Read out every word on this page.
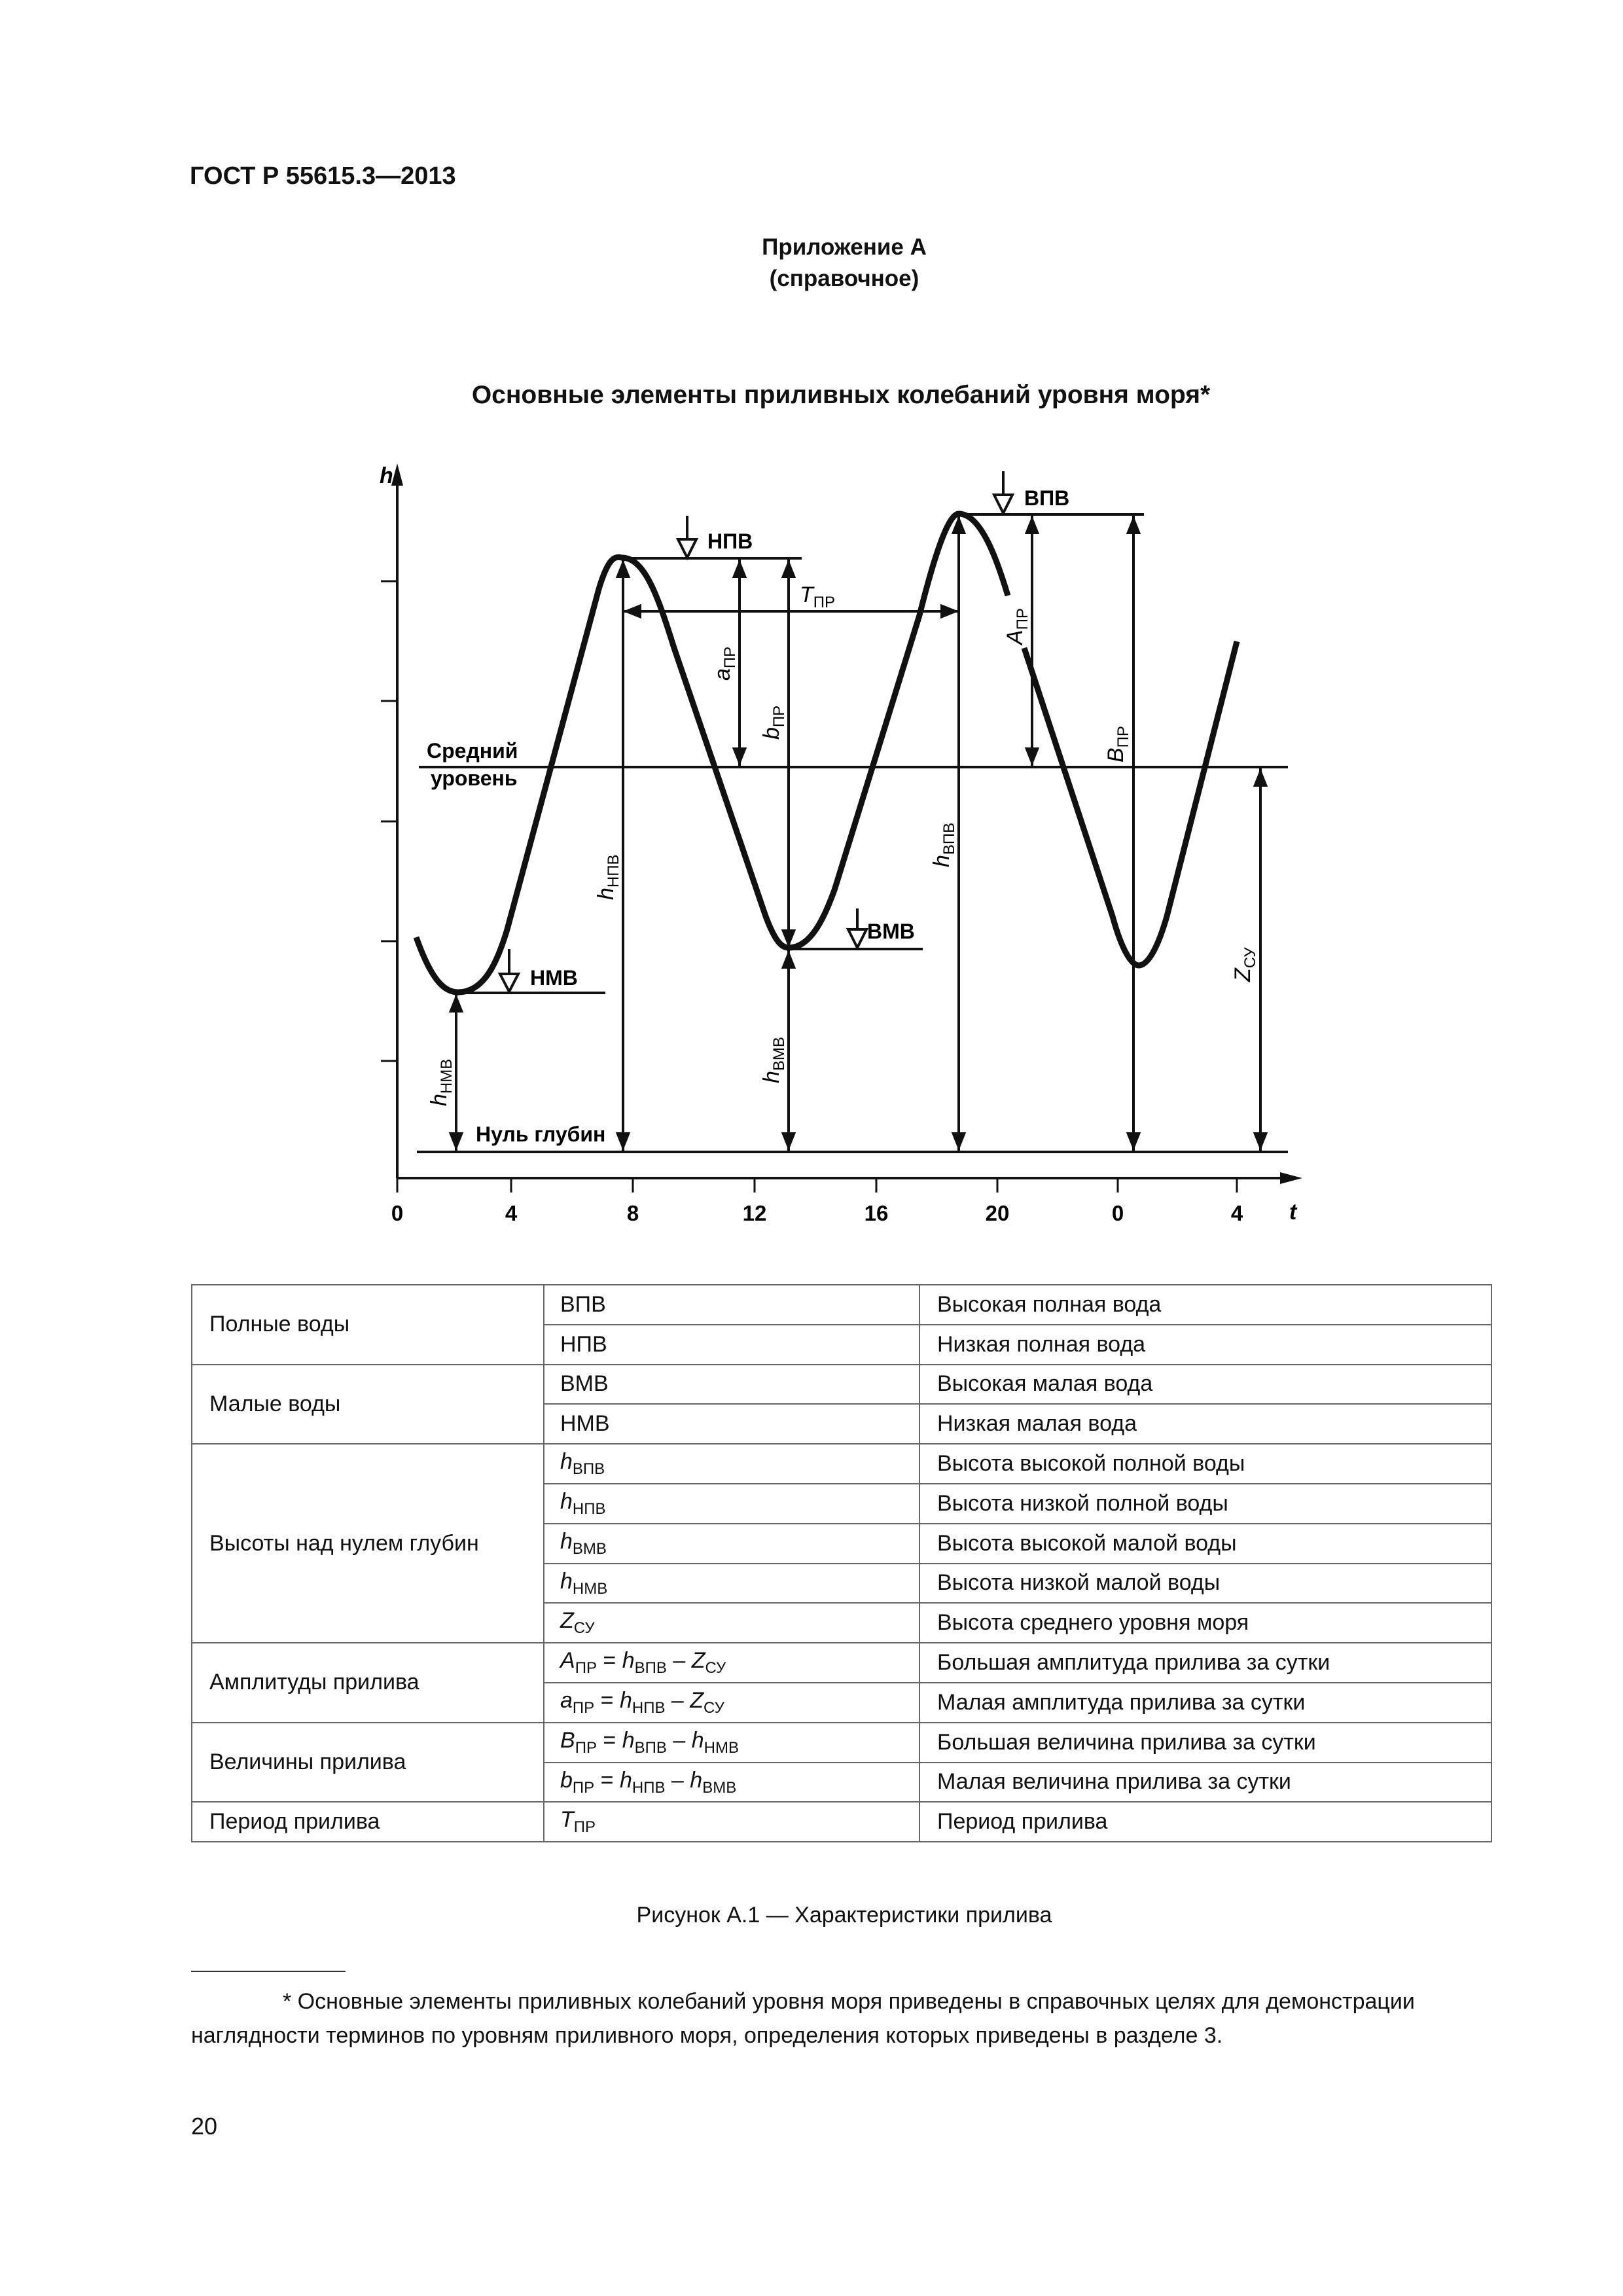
ГОСТ Р 55615.3—2013
Приложение А
(справочное)
Основные элементы приливных колебаний уровня моря*
h
t
0	4	8	12	16	20	0	4
Средний
уровень
Нуль глубин
НПВ
ВПВ
ВМВ
НМВ
$Т_{ПР}$
$a_{ПР}$
$b_{ПР}$
$А_{ПР}$
$В_{ПР}$
$h_{НПВ}$	$h_{ВПВ}$
$h_{ВМВ}$
$h_{НМВ}$
$Z_{СУ}$
Полные воды	ВПВ	Высокая полная вода
	НПВ	Низкая полная вода
Малые воды	ВМВ	Высокая малая вода
	НМВ	Низкая малая вода
Высоты над нулем глубин	$h_{ВПВ}$	Высота высокой полной воды
	$h_{НПВ}$	Высота низкой полной воды
	$h_{ВМВ}$	Высота высокой малой воды
	$h_{НМВ}$	Высота низкой малой воды
	$Z_{СУ}$	Высота среднего уровня моря
Амплитуды прилива	$А_{ПР} = h_{ВПВ} - Z_{СУ}$	Большая амплитуда прилива за сутки
	$a_{ПР} = h_{НПВ} - Z_{СУ}$	Малая амплитуда прилива за сутки
Величины прилива	$В_{ПР} = h_{ВПВ} - h_{НМВ}$	Большая величина прилива за сутки
	$b_{ПР} = h_{НПВ} - h_{ВМВ}$	Малая величина прилива за сутки
Период прилива	$Т_{ПР}$	Период прилива
Рисунок А.1 — Характеристики прилива
* Основные элементы приливных колебаний уровня моря приведены в справочных целях для демонстрации наглядности терминов по уровням приливного моря, определения которых приведены в разделе 3.
20
